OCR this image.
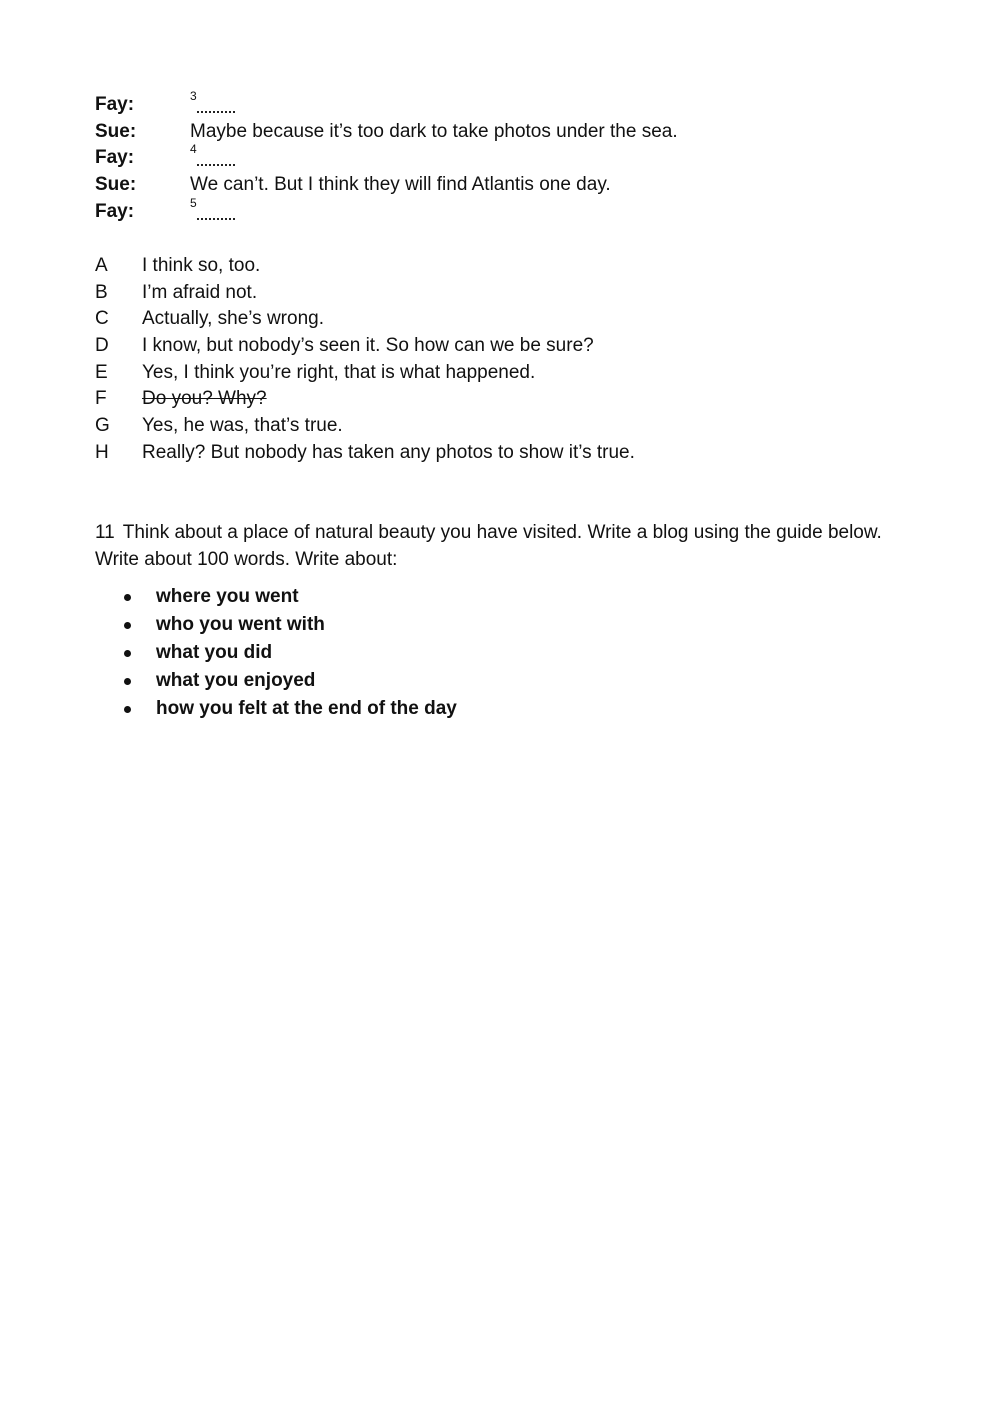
Fay:	3
Sue:	Maybe because it’s too dark to take photos under the sea.
Fay:	4
Sue:	We can’t. But I think they will find Atlantis one day.
Fay:	5
A I think so, too.
B I’m afraid not.
C Actually, she’s wrong.
D I know, but nobody’s seen it. So how can we be sure?
E Yes, I think you’re right, that is what happened.
F Do you? Why?
G Yes, he was, that’s true.
H Really? But nobody has taken any photos to show it’s true.
11 Think about a place of natural beauty you have visited. Write a blog using the guide below. Write about 100 words. Write about:
where you went
who you went with
what you did
what you enjoyed
how you felt at the end of the day
